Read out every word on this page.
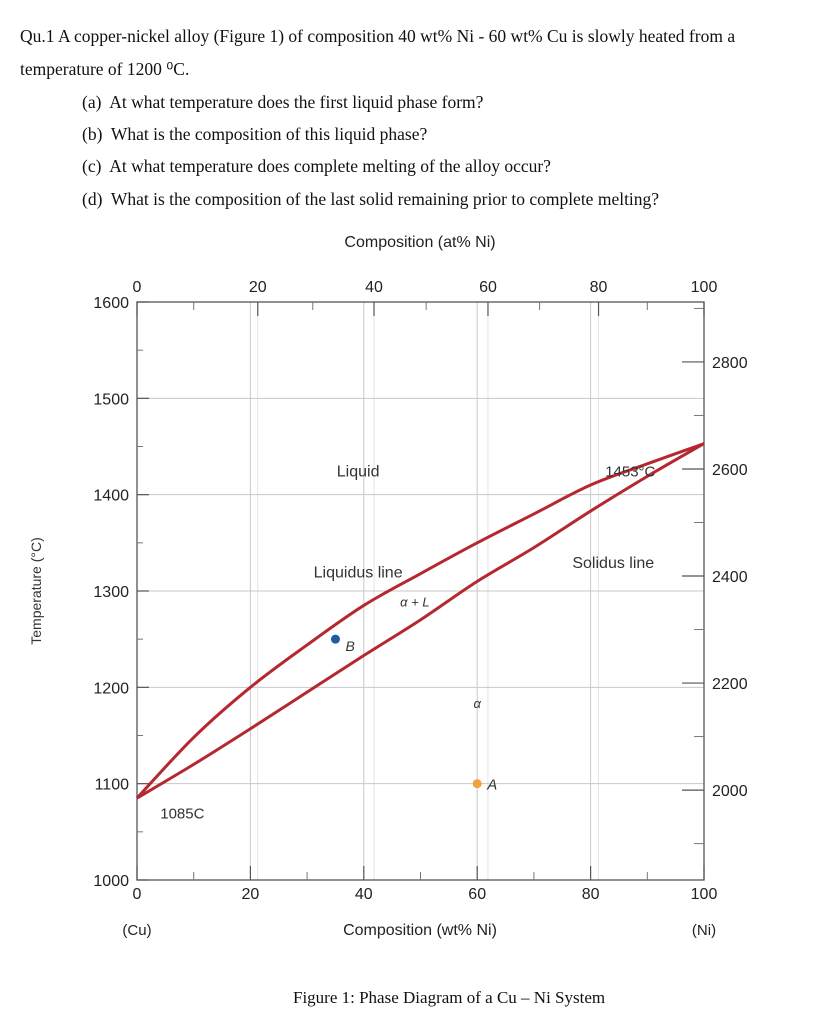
Qu.1 A copper-nickel alloy (Figure 1) of composition 40 wt% Ni - 60 wt% Cu is slowly heated from a
temperature of 1200 ⁰C.
(a) At what temperature does the first liquid phase form?
(b) What is the composition of this liquid phase?
(c) At what temperature does complete melting of the alloy occur?
(d) What is the composition of the last solid remaining prior to complete melting?
1000
1100
1200
1300
1400
1500
1600
2000
2200
2400
2600
2800
0	20	40	60	80	100
0	20	40	60	80	100
Composition (at% Ni)
Composition (wt% Ni)
Temperature (°C)
(Cu)	(Ni)
B
A
Liquid	1453°C
Liquidus line
Solidus line
α + L
α
1085C
Figure 1: Phase Diagram of a Cu – Ni System
